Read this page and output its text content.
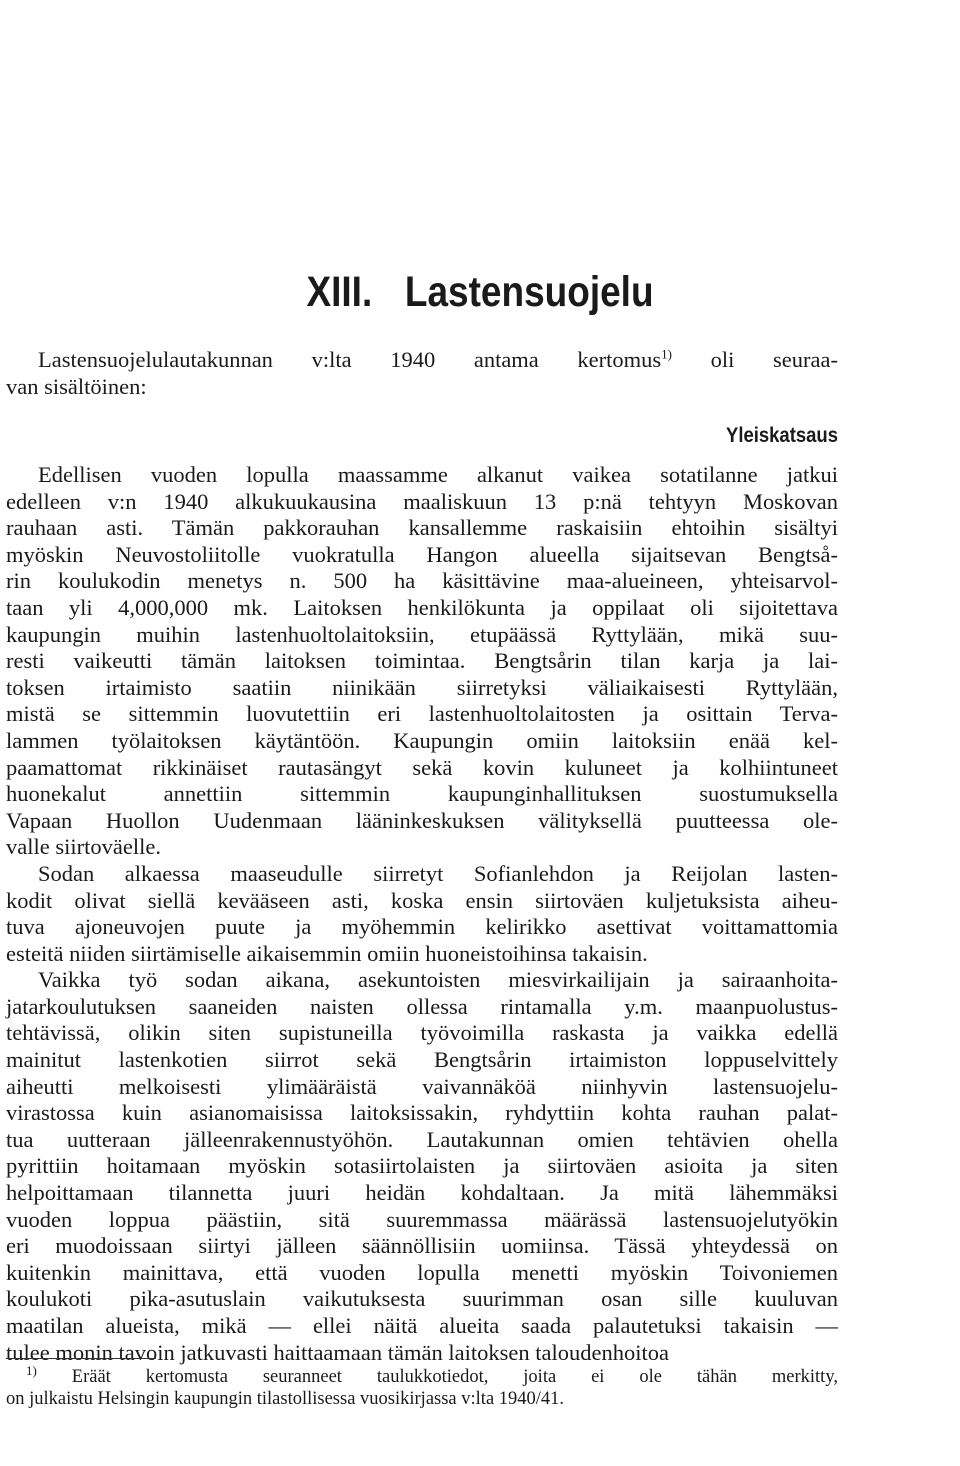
XIII. Lastensuojelu
Lastensuojelulautakunnan v:lta 1940 antama kertomus$^{1)}$ oli seuraa-
van sisältöinen:
Yleiskatsaus

Edellisen vuoden lopulla maassamme alkanut vaikea sotatilanne jatkui
edelleen v:n 1940 alkukuukausina maaliskuun 13 p:nä tehtyyn Moskovan
rauhaan asti. Tämän pakkorauhan kansallemme raskaisiin ehtoihin sisältyi
myöskin Neuvostoliitolle vuokratulla Hangon alueella sijaitsevan Bengtså-
rin koulukodin menetys n. 500 ha käsittävine maa-alueineen, yhteisarvol-
taan yli 4,000,000 mk. Laitoksen henkilökunta ja oppilaat oli sijoitettava
kaupungin muihin lastenhuoltolaitoksiin, etupäässä Ryttylään, mikä suu-
resti vaikeutti tämän laitoksen toimintaa. Bengtsårin tilan karja ja lai-
toksen irtaimisto saatiin niinikään siirretyksi väliaikaisesti Ryttylään,
mistä se sittemmin luovutettiin eri lastenhuoltolaitosten ja osittain Terva-
lammen työlaitoksen käytäntöön. Kaupungin omiin laitoksiin enää kel-
paamattomat rikkinäiset rautasängyt sekä kovin kuluneet ja kolhiintuneet
huonekalut annettiin sittemmin kaupunginhallituksen suostumuksella
Vapaan Huollon Uudenmaan lääninkeskuksen välityksellä puutteessa ole-
valle siirtoväelle.

Sodan alkaessa maaseudulle siirretyt Sofianlehdon ja Reijolan lasten-
kodit olivat siellä kevääseen asti, koska ensin siirtoväen kuljetuksista aiheu-
tuva ajoneuvojen puute ja myöhemmin kelirikko asettivat voittamattomia
esteitä niiden siirtämiselle aikaisemmin omiin huoneistoihinsa takaisin.

Vaikka työ sodan aikana, asekuntoisten miesvirkailijain ja sairaanhoita-
jatarkoulutuksen saaneiden naisten ollessa rintamalla y.m. maanpuolustus-
tehtävissä, olikin siten supistuneilla työvoimilla raskasta ja vaikka edellä
mainitut lastenkotien siirrot sekä Bengtsårin irtaimiston loppuselvittely
aiheutti melkoisesti ylimääräistä vaivannäköä niinhyvin lastensuojelu-
virastossa kuin asianomaisissa laitoksissakin, ryhdyttiin kohta rauhan palat-
tua uutteraan jälleenrakennustyöhön. Lautakunnan omien tehtävien ohella
pyrittiin hoitamaan myöskin sotasiirtolaisten ja siirtoväen asioita ja siten
helpoittamaan tilannetta juuri heidän kohdaltaan. Ja mitä lähemmäksi
vuoden loppua päästiin, sitä suuremmassa määrässä lastensuojelutyökin
eri muodoissaan siirtyi jälleen säännöllisiin uomiinsa. Tässä yhteydessä on
kuitenkin mainittava, että vuoden lopulla menetti myöskin Toivoniemen
koulukoti pika-asutuslain vaikutuksesta suurimman osan sille kuuluvan
maatilan alueista, mikä — ellei näitä alueita saada palautetuksi takaisin —
tulee monin tavoin jatkuvasti haittaamaan tämän laitoksen taloudenhoitoa

$^{1)}$ Eräät kertomusta seuranneet taulukkotiedot, joita ei ole tähän merkitty,
on julkaistu Helsingin kaupungin tilastollisessa vuosikirjassa v:lta 1940/41.
